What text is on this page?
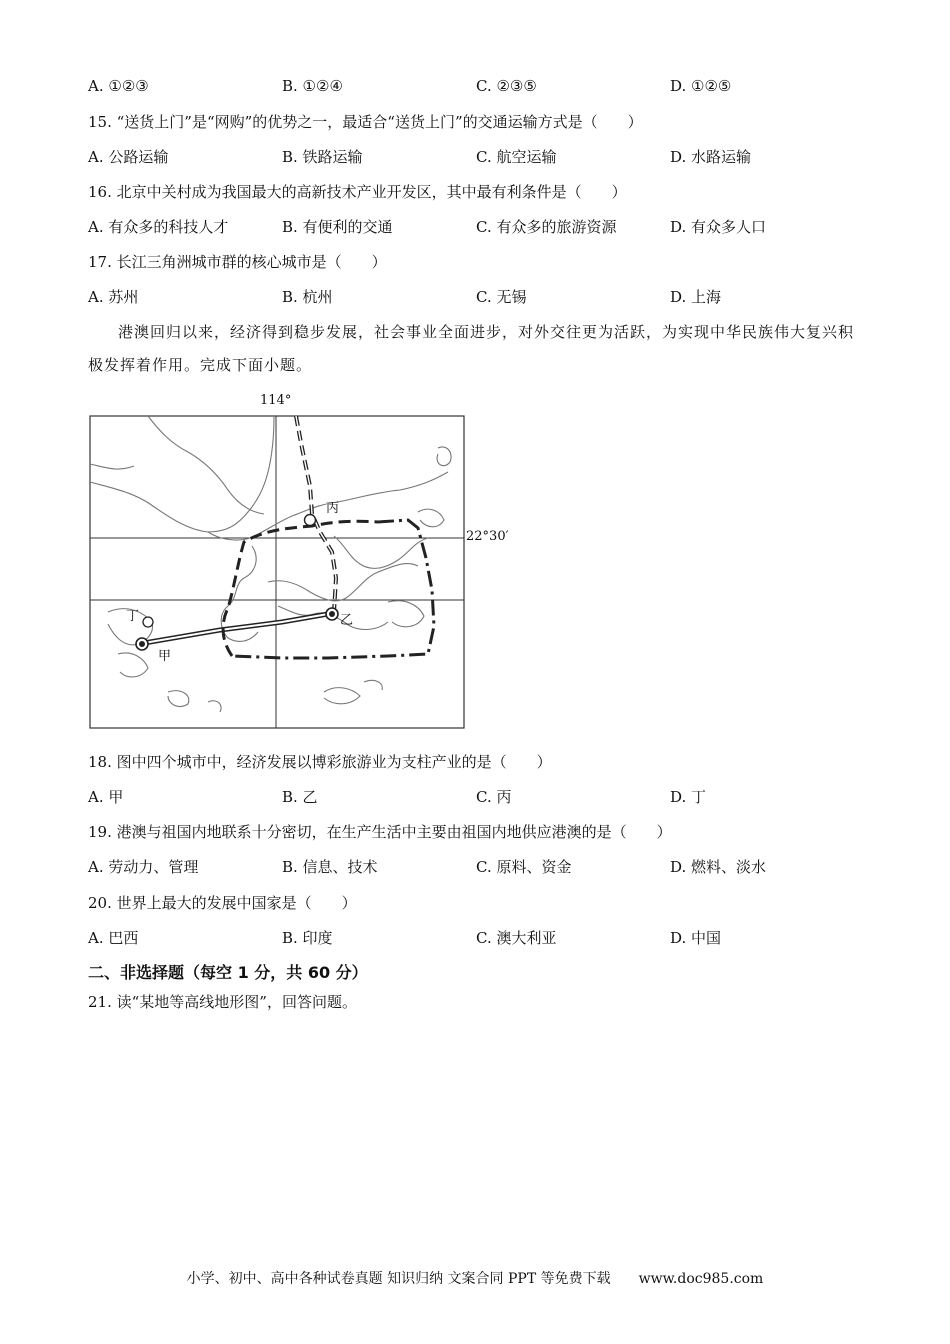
A. ①②③	B. ①②④	C. ②③⑤	D. ①②⑤
15. “送货上门”是“网购”的优势之一，最适合“送货上门”的交通运输方式是（　　）
A. 公路运输	B. 铁路运输	C. 航空运输	D. 水路运输
16. 北京中关村成为我国最大的高新技术产业开发区，其中最有利条件是（　　）
A. 有众多的科技人才	B. 有便利的交通	C. 有众多的旅游资源	D. 有众多人口
17. 长江三角洲城市群的核心城市是（　　）
A. 苏州	B. 杭州	C. 无锡	D. 上海
港澳回归以来，经济得到稳步发展，社会事业全面进步，对外交往更为活跃，为实现中华民族伟大复兴积极发挥着作用。完成下面小题。
114°
22°30′
甲
乙
丙
丁
18. 图中四个城市中，经济发展以博彩旅游业为支柱产业的是（　　）
A. 甲	B. 乙	C. 丙	D. 丁
19. 港澳与祖国内地联系十分密切，在生产生活中主要由祖国内地供应港澳的是（　　）
A. 劳动力、管理	B. 信息、技术	C. 原料、资金	D. 燃料、淡水
20. 世界上最大的发展中国家是（　　）
A. 巴西	B. 印度	C. 澳大利亚	D. 中国
二、非选择题（每空 1 分，共 60 分）
21. 读“某地等高线地形图”，回答问题。
小学、初中、高中各种试卷真题 知识归纳 文案合同 PPT 等免费下载　　www.doc985.com
